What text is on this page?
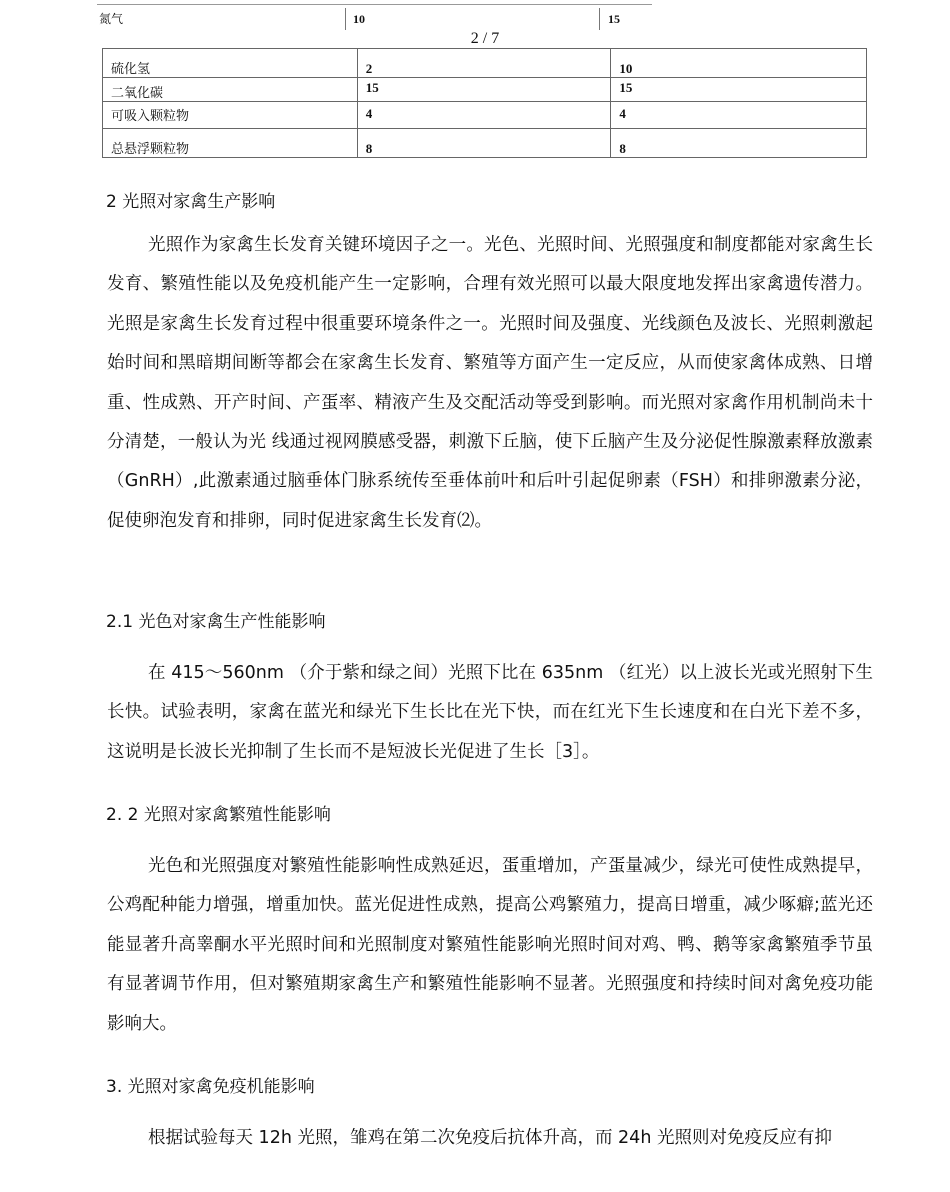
氮气	10	15
2 / 7
硫化氢	2	10
二氧化碳	15	15
可吸入颗粒物	4	4
总悬浮颗粒物	8	8
2 光照对家禽生产影响

光照作为家禽生长发育关键环境因子之一。光色、光照时间、光照强度和制度都能对家禽生长发育、繁殖性能以及免疫机能产生一定影响，合理有效光照可以最大限度地发挥出家禽遗传潜力。光照是家禽生长发育过程中很重要环境条件之一。光照时间及强度、光线颜色及波长、光照刺激起始时间和黑暗期间断等都会在家禽生长发育、繁殖等方面产生一定反应，从而使家禽体成熟、日增重、性成熟、开产时间、产蛋率、精液产生及交配活动等受到影响。而光照对家禽作用机制尚未十分清楚，一般认为光 线通过视网膜感受器，刺激下丘脑，使下丘脑产生及分泌促性腺激素释放激素（GnRH）,此激素通过脑垂体门脉系统传至垂体前叶和后叶引起促卵素（FSH）和排卵激素分泌，促使卵泡发育和排卵，同时促进家禽生长发育⑵。

2.1 光色对家禽生产性能影响

在 415〜560nm （介于紫和绿之间）光照下比在 635nm （红光）以上波长光或光照射下生长快。试验表明，家禽在蓝光和绿光下生长比在光下快，而在红光下生长速度和在白光下差不多，这说明是长波长光抑制了生长而不是短波长光促进了生长［3］。

2. 2 光照对家禽繁殖性能影响

光色和光照强度对繁殖性能影响性成熟延迟，蛋重增加，产蛋量减少，绿光可使性成熟提早，公鸡配种能力增强，增重加快。蓝光促进性成熟，提高公鸡繁殖力，提高日增重，减少啄癖;蓝光还能显著升高睾酮水平光照时间和光照制度对繁殖性能影响光照时间对鸡、鸭、鹅等家禽繁殖季节虽有显著调节作用，但对繁殖期家禽生产和繁殖性能影响不显著。光照强度和持续时间对禽免疫功能影响大。

3. 光照对家禽免疫机能影响

根据试验每天 12h 光照，雏鸡在第二次免疫后抗体升高，而 24h 光照则对免疫反应有抑
